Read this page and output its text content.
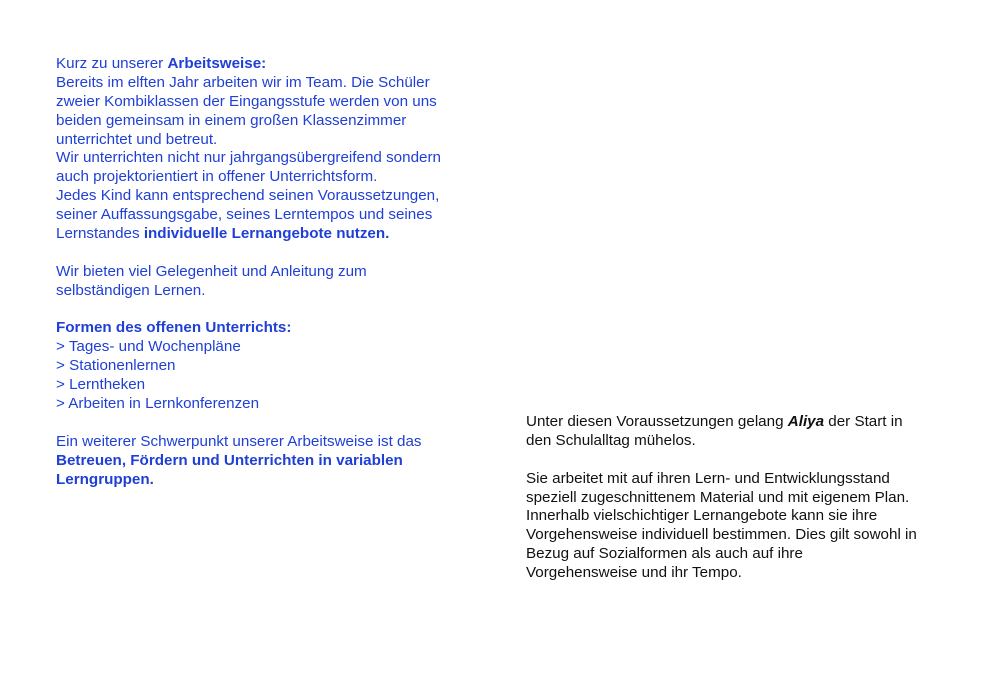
Kurz zu unserer Arbeitsweise:
Bereits im elften Jahr arbeiten wir im Team. Die Schüler
zweier Kombiklassen der Eingangsstufe werden von uns
beiden gemeinsam in einem großen Klassenzimmer
unterrichtet und betreut.
Wir unterrichten nicht nur jahrgangsübergreifend sondern
auch projektorientiert in offener Unterrichtsform.
Jedes Kind kann entsprechend seinen Voraussetzungen,
seiner Auffassungsgabe, seines Lerntempos und seines
Lernstandes individuelle Lernangebote nutzen.
Wir bieten viel Gelegenheit und Anleitung zum
selbständigen Lernen.
Formen des offenen Unterrichts:
> Tages- und Wochenpläne
> Stationenlernen
> Lerntheken
> Arbeiten in Lernkonferenzen
Ein weiterer Schwerpunkt unserer Arbeitsweise ist das
Betreuen, Fördern und Unterrichten in variablen
Lerngruppen.
Unter diesen Voraussetzungen gelang Aliya der Start in
den Schulalltag mühelos.
Sie arbeitet mit auf ihren Lern- und Entwicklungsstand
speziell zugeschnittenem Material und mit eigenem Plan.
Innerhalb vielschichtiger Lernangebote kann sie ihre
Vorgehensweise individuell bestimmen. Dies gilt sowohl in
Bezug auf Sozialformen als auch auf ihre
Vorgehensweise und ihr Tempo.
